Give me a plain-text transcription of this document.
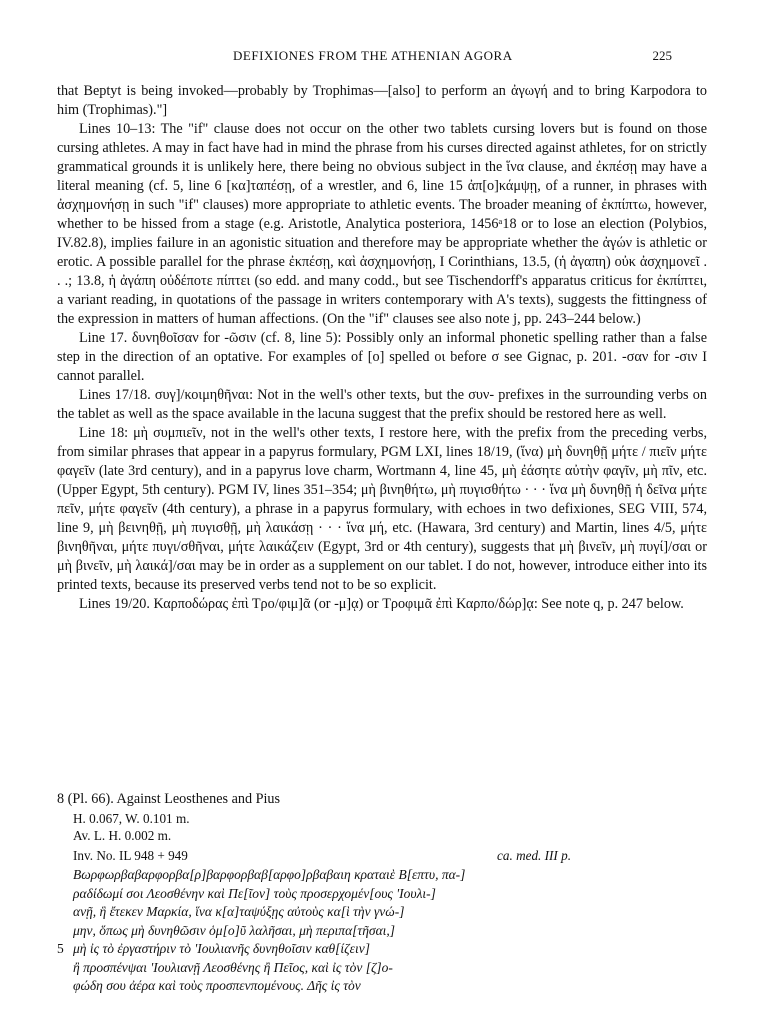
DEFIXIONES FROM THE ATHENIAN AGORA	225

that Beptyt is being invoked—probably by Trophimas—[also] to perform an ἀγωγή and to bring Karpodora to him (Trophimas)."]

Lines 10–13: The "if" clause does not occur on the other two tablets cursing lovers but is found on those cursing athletes. A may in fact have had in mind the phrase from his curses directed against athletes, for on strictly grammatical grounds it is unlikely here, there being no obvious subject in the ἵνα clause, and ἐκπέσῃ may have a literal meaning (cf. 5, line 6 [κα]ταπέσῃ, of a wrestler, and 6, line 15 ἀπ[ο]κάμψῃ, of a runner, in phrases with ἀσχημονήσῃ in such "if" clauses) more appropriate to athletic events. The broader meaning of ἐκπίπτω, however, whether to be hissed from a stage (e.g. Aristotle, Analytica posteriora, 1456ᵃ18 or to lose an election (Polybios, IV.82.8), implies failure in an agonistic situation and therefore may be appropriate whether the ἀγών is athletic or erotic. A possible parallel for the phrase ἐκπέσῃ, καὶ ἀσχημονήσῃ, I Corinthians, 13.5, (ἡ ἀγαπη) οὐκ ἀσχημονεῖ . . .; 13.8, ἡ ἀγάπη οὐδέποτε πίπτει (so edd. and many codd., but see Tischendorff's apparatus criticus for ἐκπίπτει, a variant reading, in quotations of the passage in writers contemporary with A's texts), suggests the fittingness of the expression in matters of human affections. (On the "if" clauses see also note j, pp. 243–244 below.)

Line 17. δυνηθοῖσαν for -ῶσιν (cf. 8, line 5): Possibly only an informal phonetic spelling rather than a false step in the direction of an optative. For examples of [o] spelled οι before σ see Gignac, p. 201. -σαν for -σιν I cannot parallel.

Lines 17/18. συγ]/κοιμηθῆναι: Not in the well's other texts, but the συν- prefixes in the surrounding verbs on the tablet as well as the space available in the lacuna suggest that the prefix should be restored here as well.

Line 18: μὴ συμπιεῖν, not in the well's other texts, I restore here, with the prefix from the preceding verbs, from similar phrases that appear in a papyrus formulary, PGM LXI, lines 18/19, (ἵνα) μὴ δυνηθῇ μήτε / πιεῖν μήτε φαγεῖν (late 3rd century), and in a papyrus love charm, Wortmann 4, line 45, μὴ ἐάσητε αὐτὴν φαγῖν, μὴ πῖν, etc. (Upper Egypt, 5th century). PGM IV, lines 351–354; μὴ βινηθήτω, μὴ πυγισθήτω · · · ἵνα μὴ δυνηθῇ ἡ δεῖνα μήτε πεῖν, μήτε φαγεῖν (4th century), a phrase in a papyrus formulary, with echoes in two defixiones, SEG VIII, 574, line 9, μὴ βεινηθῇ, μὴ πυγισθῇ, μὴ λαικάσῃ · · · ἵνα μή, etc. (Hawara, 3rd century) and Martin, lines 4/5, μήτε βινηθῆναι, μήτε πυγι/σθῆναι, μήτε λαικάζειν (Egypt, 3rd or 4th century), suggests that μὴ βινεῖν, μὴ πυγί]/σαι or μὴ βινεῖν, μὴ λαικά]/σαι may be in order as a supplement on our tablet. I do not, however, introduce either into its printed texts, because its preserved verbs tend not to be so explicit.

Lines 19/20. Καρποδώρας ἐπὶ Τρο/φιμ]ᾶ (or -μ]ᾳ) or Τροφιμᾶ ἐπὶ Καρπο/δώρ]ᾳ: See note q, p. 247 below.

8 (Pl. 66). Against Leosthenes and Pius

H. 0.067, W. 0.101 m.

Av. L. H. 0.002 m.

Inv. No. IL 948 + 949	ca. med. III p.

Βωρφωρβαβαρφορβα[ρ]βαρφορβαβ[αρφο]ρβαβαιη κραταιὲ Β[επτυ, πα-]

ραδίδωμί σοι Λεοσθένην καὶ Πε[ῖον] τοὺς προσερχομέν[ους 'Ιουλι-]

ανῇ, ἣ ἔτεκεν Μαρκία, ἵνα κ[α]ταψύξῃς αὐτοὺς κα[ὶ τὴν γνώ-]

μην, ὅπως μὴ δυνηθῶσιν ὁμ[ο]ῦ λαλῆσαι, μὴ περιπα[τῆσαι,]

5 μὴ ἰς τὸ ἐργαστήριν τὸ 'Ιουλιανῆς δυνηθοῖσιν καθ[ίζειν]

ἢ προσπένψαι 'Ιουλιανῇ Λεοσθένης ἢ Πεῖος, καὶ ἰς τὸν [ζ]ο-

φώδη σου ἀέρα καὶ τοὺς προσπενπομένους. Δῆς ἰς τὸν
